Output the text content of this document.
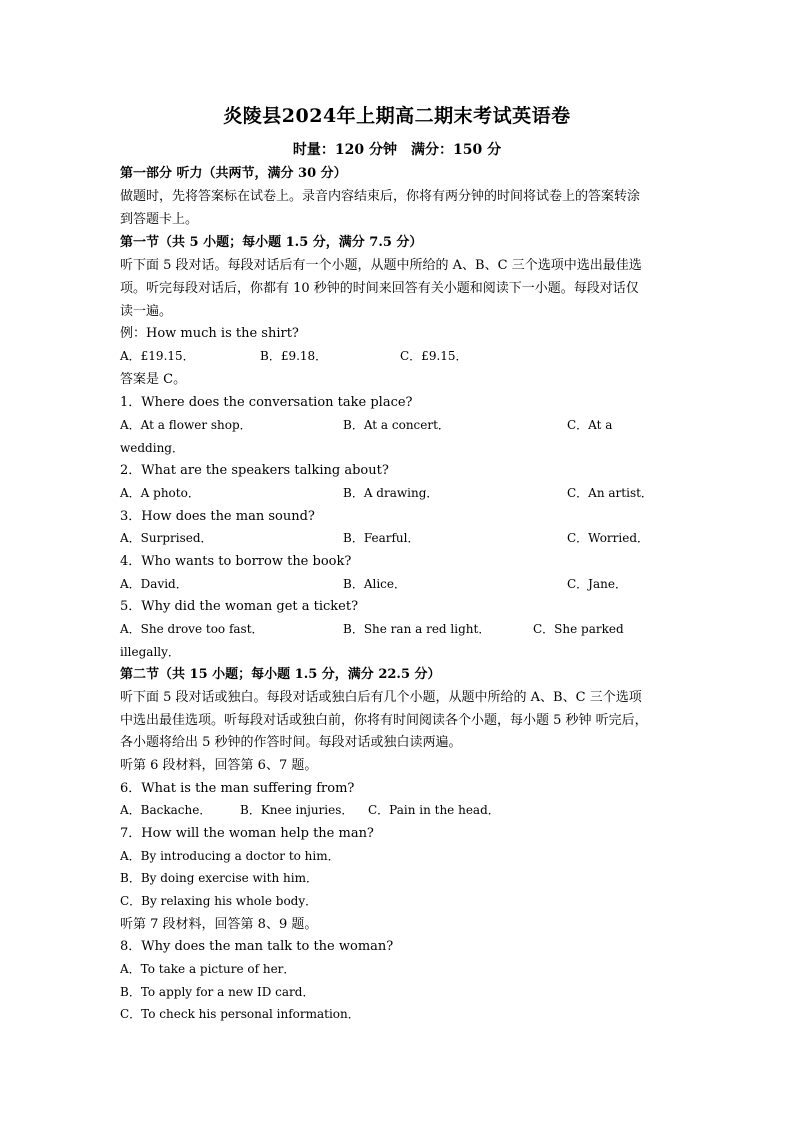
炎陵县2024年上期高二期末考试英语卷
时量：120 分钟 满分：150 分
第一部分 听力（共两节，满分 30 分）
做题时，先将答案标在试卷上。录音内容结束后，你将有两分钟的时间将试卷上的答案转涂
到答题卡上。
第一节（共 5 小题；每小题 1.5 分，满分 7.5 分）
听下面 5 段对话。每段对话后有一个小题，从题中所给的 A、B、C 三个选项中选出最佳选
项。听完每段对话后，你都有 10 秒钟的时间来回答有关小题和阅读下一小题。每段对话仅
读一遍。
例：How much is the shirt?
A．£19.15．	B．£9.18．	C．£9.15．
答案是 C。
1．Where does the conversation take place?
A．At a flower shop．	B．At a concert．	C．At a
wedding．
2．What are the speakers talking about?
A．A photo．	B．A drawing．	C．An artist．
3．How does the man sound?
A．Surprised．	B．Fearful．	C．Worried．
4．Who wants to borrow the book?
A．David．	B．Alice．	C．Jane．
5．Why did the woman get a ticket?
A．She drove too fast．	B．She ran a red light．	C．She parked
illegally．
第二节（共 15 小题；每小题 1.5 分，满分 22.5 分）
听下面 5 段对话或独白。每段对话或独白后有几个小题，从题中所给的 A、B、C 三个选项
中选出最佳选项。听每段对话或独白前，你将有时间阅读各个小题，每小题 5 秒钟 听完后，
各小题将给出 5 秒钟的作答时间。每段对话或独白读两遍。
听第 6 段材料，回答第 6、7 题。
6．What is the man suffering from?
A．Backache． B．Knee injuries． C．Pain in the head．
7．How will the woman help the man?
A．By introducing a doctor to him．
B．By doing exercise with him．
C．By relaxing his whole body．
听第 7 段材料，回答第 8、9 题。
8．Why does the man talk to the woman?
A．To take a picture of her．
B．To apply for a new ID card．
C．To check his personal information．
